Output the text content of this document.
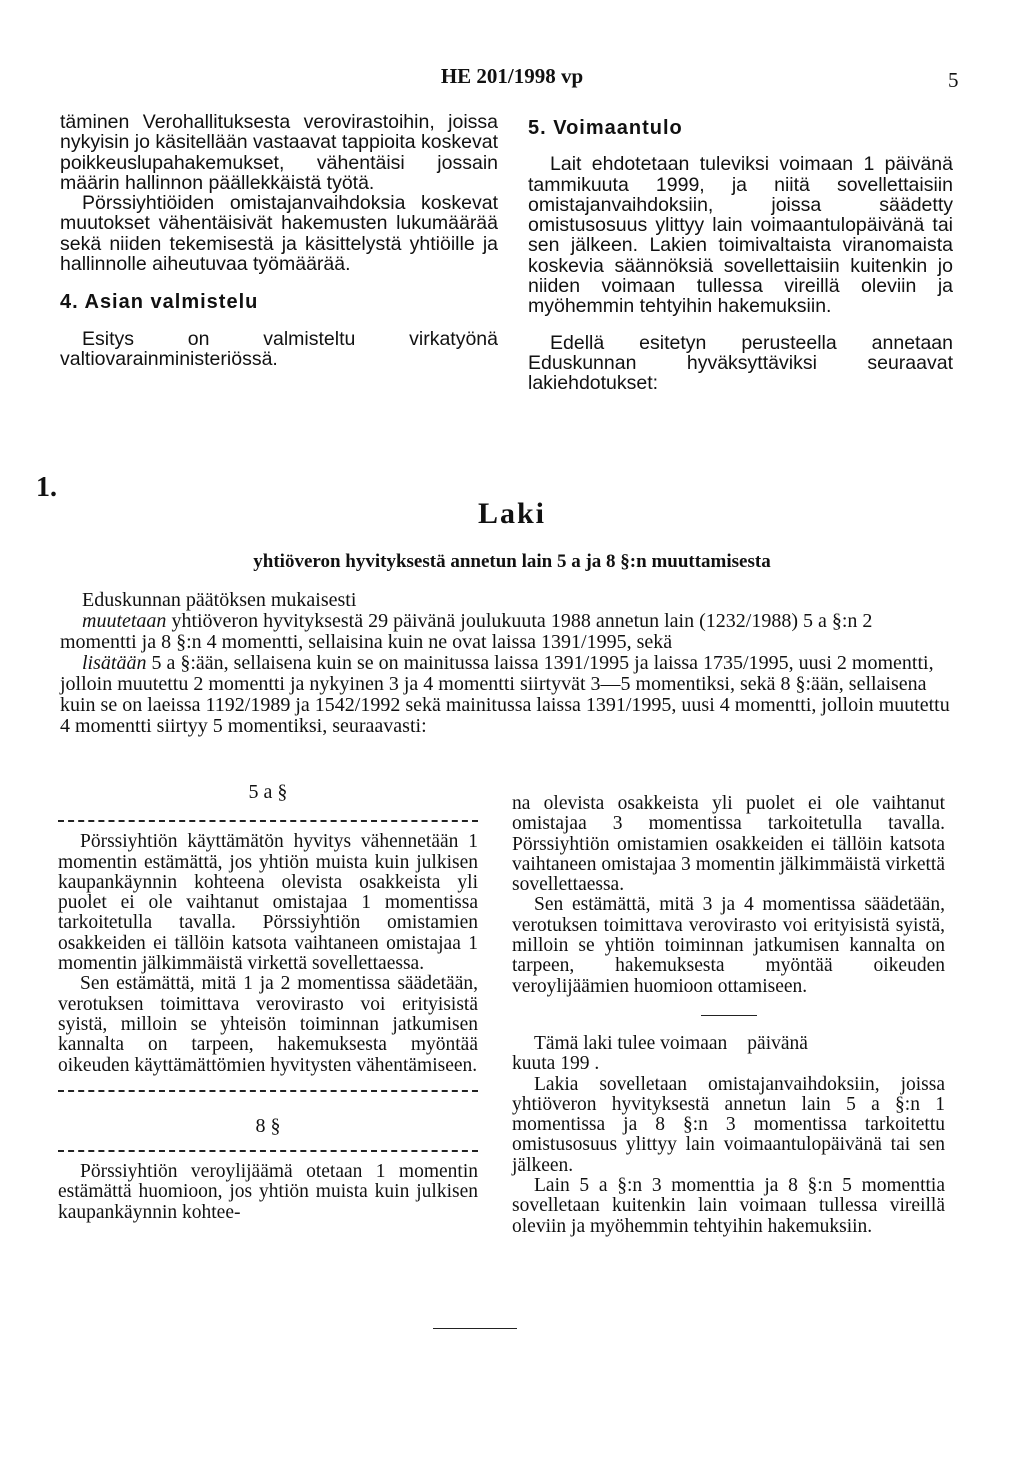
HE 201/1998 vp	5

täminen Verohallituksesta verovirastoihin, joissa nykyisin jo käsitellään vastaavat tappioita koskevat poikkeuslupahakemukset, vähentäisi jossain määrin hallinnon päällekkäistä työtä.

Pörssiyhtiöiden omistajanvaihdoksia koskevat muutokset vähentäisivät hakemusten lukumäärää sekä niiden tekemisestä ja käsittelystä yhtiöille ja hallinnolle aiheutuvaa työmäärää.

4. Asian valmistelu

Esitys on valmisteltu virkatyönä valtiovarainministeriössä.

5. Voimaantulo

Lait ehdotetaan tuleviksi voimaan 1 päivänä tammikuuta 1999, ja niitä sovellettaisiin omistajanvaihdoksiin, joissa säädetty omistusosuus ylittyy lain voimaantulopäivänä tai sen jälkeen. Lakien toimivaltaista viranomaista koskevia säännöksiä sovellettaisiin kuitenkin jo niiden voimaan tullessa vireillä oleviin ja myöhemmin tehtyihin hakemuksiin.

Edellä esitetyn perusteella annetaan Eduskunnan hyväksyttäviksi seuraavat lakiehdotukset:

1.
Laki
yhtiöveron hyvityksestä annetun lain 5 a ja 8 §:n muuttamisesta

Eduskunnan päätöksen mukaisesti

muutetaan yhtiöveron hyvityksestä 29 päivänä joulukuuta 1988 annetun lain (1232/1988) 5 a §:n 2 momentti ja 8 §:n 4 momentti, sellaisina kuin ne ovat laissa 1391/1995, sekä

lisätään 5 a §:ään, sellaisena kuin se on mainitussa laissa 1391/1995 ja laissa 1735/1995, uusi 2 momentti, jolloin muutettu 2 momentti ja nykyinen 3 ja 4 momentti siirtyvät 3—5 momentiksi, sekä 8 §:ään, sellaisena kuin se on laeissa 1192/1989 ja 1542/1992 sekä mainitussa laissa 1391/1995, uusi 4 momentti, jolloin muutettu 4 momentti siirtyy 5 momentiksi, seuraavasti:

5 a §

Pörssiyhtiön käyttämätön hyvitys vähennetään 1 momentin estämättä, jos yhtiön muista kuin julkisen kaupankäynnin kohteena olevista osakkeista yli puolet ei ole vaihtanut omistajaa 1 momentissa tarkoitetulla tavalla. Pörssiyhtiön omistamien osakkeiden ei tällöin katsota vaihtaneen omistajaa 1 momentin jälkimmäistä virkettä sovellettaessa.

Sen estämättä, mitä 1 ja 2 momentissa säädetään, verotuksen toimittava verovirasto voi erityisistä syistä, milloin se yhteisön toiminnan jatkumisen kannalta on tarpeen, hakemuksesta myöntää oikeuden käyttämättömien hyvitysten vähentämiseen.

8 §

Pörssiyhtiön veroylijäämä otetaan 1 momentin estämättä huomioon, jos yhtiön muista kuin julkisen kaupankäynnin kohtee-

na olevista osakkeista yli puolet ei ole vaihtanut omistajaa 3 momentissa tarkoitetulla tavalla. Pörssiyhtiön omistamien osakkeiden ei tällöin katsota vaihtaneen omistajaa 3 momentin jälkimmäistä virkettä sovellettaessa.

Sen estämättä, mitä 3 ja 4 momentissa säädetään, verotuksen toimittava verovirasto voi erityisistä syistä, milloin se yhtiön toiminnan jatkumisen kannalta on tarpeen, hakemuksesta myöntää oikeuden veroylijäämien huomioon ottamiseen.

Tämä laki tulee voimaan päivänä
kuuta 199 .

Lakia sovelletaan omistajanvaihdoksiin, joissa yhtiöveron hyvityksestä annetun lain 5 a §:n 1 momentissa ja 8 §:n 3 momentissa tarkoitettu omistusosuus ylittyy lain voimaantulopäivänä tai sen jälkeen.

Lain 5 a §:n 3 momenttia ja 8 §:n 5 momenttia sovelletaan kuitenkin lain voimaan tullessa vireillä oleviin ja myöhemmin tehtyihin hakemuksiin.
